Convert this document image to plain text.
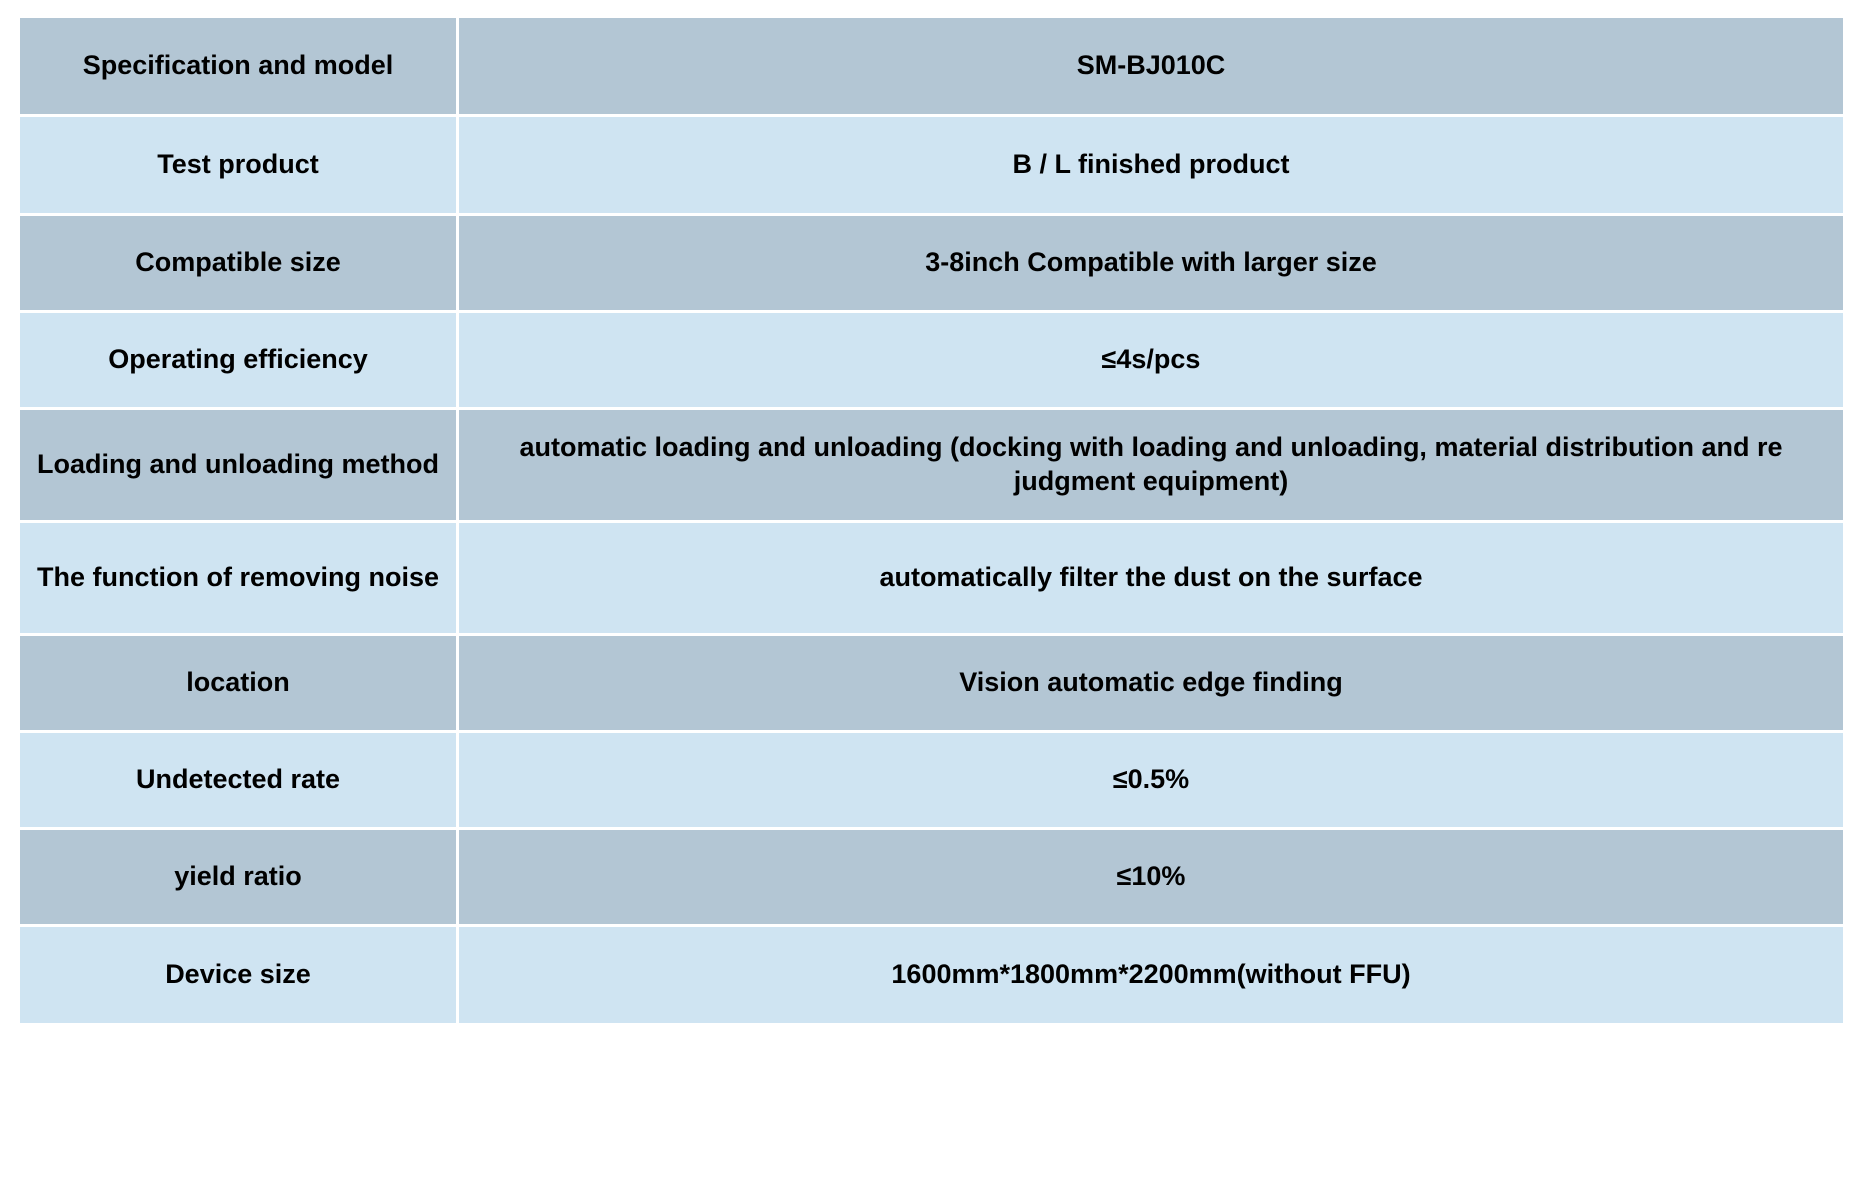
Specification and model	SM-BJ010C
Test product	B / L finished product
Compatible size	3-8inch Compatible with larger size
Operating efficiency	≤4s/pcs
Loading and unloading method	automatic loading and unloading (docking with loading and unloading, material distribution and re judgment equipment)
The function of removing noise	automatically filter the dust on the surface
location	Vision automatic edge finding
Undetected rate	≤0.5%
yield ratio	≤10%
Device size	1600mm*1800mm*2200mm(without FFU)
